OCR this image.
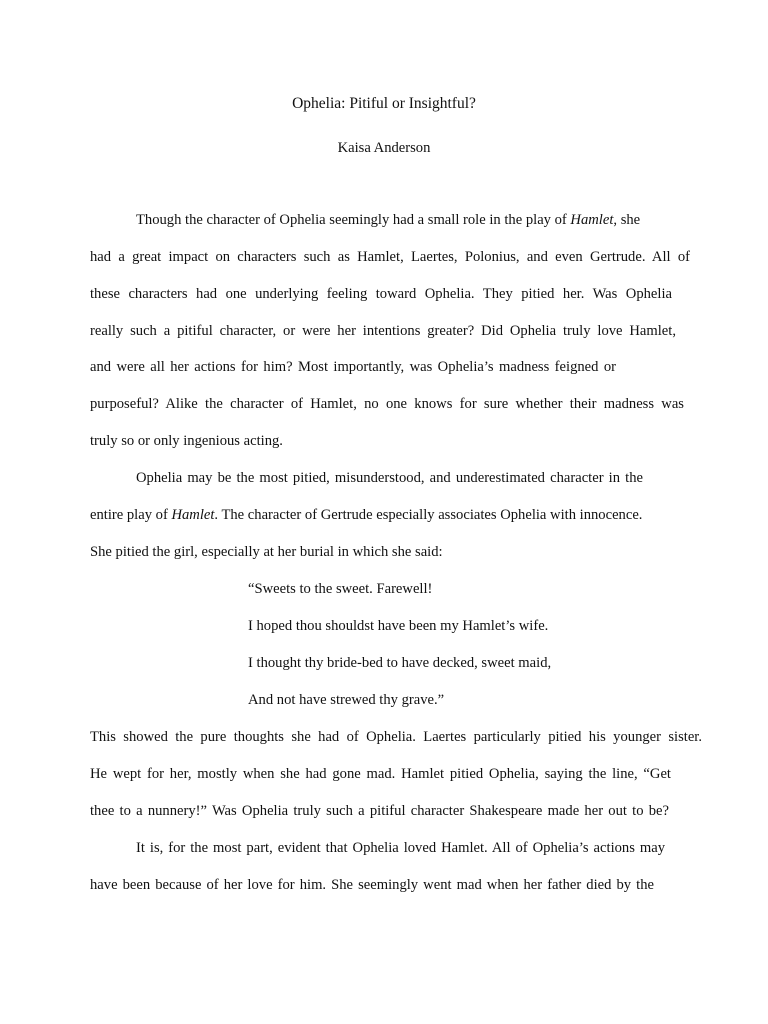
Ophelia: Pitiful or Insightful?
Kaisa Anderson
Though the character of Ophelia seemingly had a small role in the play of Hamlet, she
had a great impact on characters such as Hamlet, Laertes, Polonius, and even Gertrude. All of
these characters had one underlying feeling toward Ophelia. They pitied her. Was Ophelia
really such a pitiful character, or were her intentions greater? Did Ophelia truly love Hamlet,
and were all her actions for him? Most importantly, was Ophelia’s madness feigned or
purposeful? Alike the character of Hamlet, no one knows for sure whether their madness was
truly so or only ingenious acting.
Ophelia may be the most pitied, misunderstood, and underestimated character in the
entire play of Hamlet. The character of Gertrude especially associates Ophelia with innocence.
She pitied the girl, especially at her burial in which she said:
“Sweets to the sweet. Farewell!
I hoped thou shouldst have been my Hamlet’s wife.
I thought thy bride-bed to have decked, sweet maid,
And not have strewed thy grave.”
This showed the pure thoughts she had of Ophelia. Laertes particularly pitied his younger sister.
He wept for her, mostly when she had gone mad. Hamlet pitied Ophelia, saying the line, “Get
thee to a nunnery!” Was Ophelia truly such a pitiful character Shakespeare made her out to be?
It is, for the most part, evident that Ophelia loved Hamlet. All of Ophelia’s actions may
have been because of her love for him. She seemingly went mad when her father died by the
